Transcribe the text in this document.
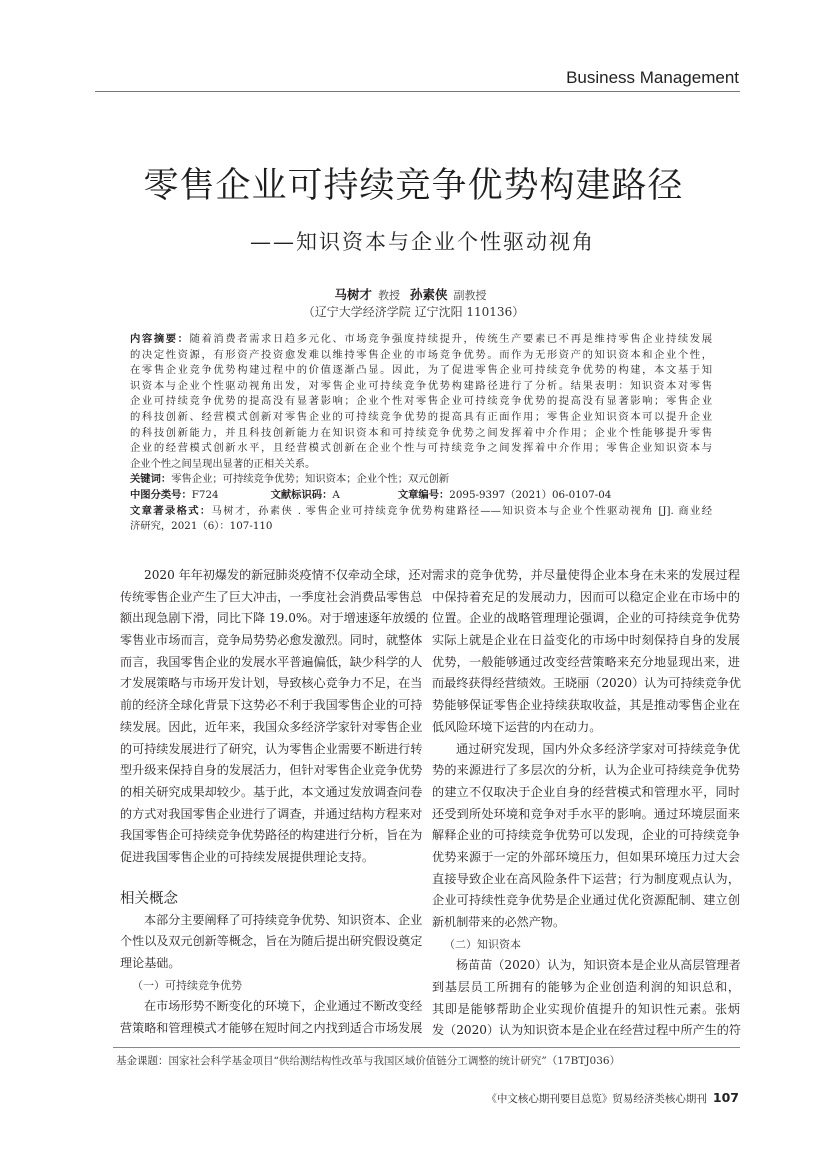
Business Management
零售企业可持续竞争优势构建路径
——知识资本与企业个性驱动视角
马树才 教授 孙素侠 副教授
（辽宁大学经济学院 辽宁沈阳 110136）
内容摘要：随着消费者需求日趋多元化、市场竞争强度持续提升，传统生产要素已不再是维持零售企业持续发展
的决定性资源，有形资产投资愈发难以维持零售企业的市场竞争优势。而作为无形资产的知识资本和企业个性，
在零售企业竞争优势构建过程中的价值逐渐凸显。因此，为了促进零售企业可持续竞争优势的构建，本文基于知
识资本与企业个性驱动视角出发，对零售企业可持续竞争优势构建路径进行了分析。结果表明：知识资本对零售
企业可持续竞争优势的提高没有显著影响；企业个性对零售企业可持续竞争优势的提高没有显著影响；零售企业
的科技创新、经营模式创新对零售企业的可持续竞争优势的提高具有正面作用；零售企业知识资本可以提升企业
的科技创新能力，并且科技创新能力在知识资本和可持续竞争优势之间发挥着中介作用；企业个性能够提升零售
企业的经营模式创新水平，且经营模式创新在企业个性与可持续竞争之间发挥着中介作用；零售企业知识资本与
企业个性之间呈现出显著的正相关关系。
关键词：零售企业；可持续竞争优势；知识资本；企业个性；双元创新
中图分类号：F724	文献标识码：A	文章编号：2095-9397（2021）06-0107-04
文章著录格式：马树才，孙素侠 . 零售企业可持续竞争优势构建路径——知识资本与企业个性驱动视角 [J]. 商业经
济研究，2021（6）：107-110
2020 年年初爆发的新冠肺炎疫情不仅牵动全球，还对
传统零售企业产生了巨大冲击，一季度社会消费品零售总
额出现急剧下滑，同比下降 19.0%。对于增速逐年放缓的
零售业市场而言，竞争局势势必愈发激烈。同时，就整体
而言，我国零售企业的发展水平普遍偏低，缺少科学的人
才发展策略与市场开发计划，导致核心竞争力不足，在当
前的经济全球化背景下这势必不利于我国零售企业的可持
续发展。因此，近年来，我国众多经济学家针对零售企业
的可持续发展进行了研究，认为零售企业需要不断进行转
型升级来保持自身的发展活力，但针对零售企业竞争优势
的相关研究成果却较少。基于此，本文通过发放调查问卷
的方式对我国零售企业进行了调查，并通过结构方程来对
我国零售企可持续竞争优势路径的构建进行分析，旨在为
促进我国零售企业的可持续发展提供理论支持。
相关概念
本部分主要阐释了可持续竞争优势、知识资本、企业
个性以及双元创新等概念，旨在为随后提出研究假设奠定
理论基础。
（一）可持续竞争优势
在市场形势不断变化的环境下，企业通过不断改变经
营策略和管理模式才能够在短时间之内找到适合市场发展
需求的竞争优势，并尽量使得企业本身在未来的发展过程
中保持着充足的发展动力，因而可以稳定企业在市场中的
位置。企业的战略管理理论强调，企业的可持续竞争优势
实际上就是企业在日益变化的市场中时刻保持自身的发展
优势，一般能够通过改变经营策略来充分地显现出来，进
而最终获得经营绩效。王晓丽（2020）认为可持续竞争优
势能够保证零售企业持续获取收益，其是推动零售企业在
低风险环境下运营的内在动力。
通过研究发现，国内外众多经济学家对可持续竞争优
势的来源进行了多层次的分析，认为企业可持续竞争优势
的建立不仅取决于企业自身的经营模式和管理水平，同时
还受到所处环境和竞争对手水平的影响。通过环境层面来
解释企业的可持续竞争优势可以发现，企业的可持续竞争
优势来源于一定的外部环境压力，但如果环境压力过大会
直接导致企业在高风险条件下运营；行为制度观点认为，
企业可持续性竞争优势是企业通过优化资源配制、建立创
新机制带来的必然产物。
（二）知识资本
杨苗苗（2020）认为，知识资本是企业从高层管理者
到基层员工所拥有的能够为企业创造利润的知识总和，
其即是能够帮助企业实现价值提升的知识性元素。张炳
发（2020）认为知识资本是企业在经营过程中所产生的符
基金课题：国家社会科学基金项目“供给测结构性改革与我国区域价值链分工调整的统计研究”（17BTJ036）
《中文核心期刊要目总览》贸易经济类核心期刊 107
